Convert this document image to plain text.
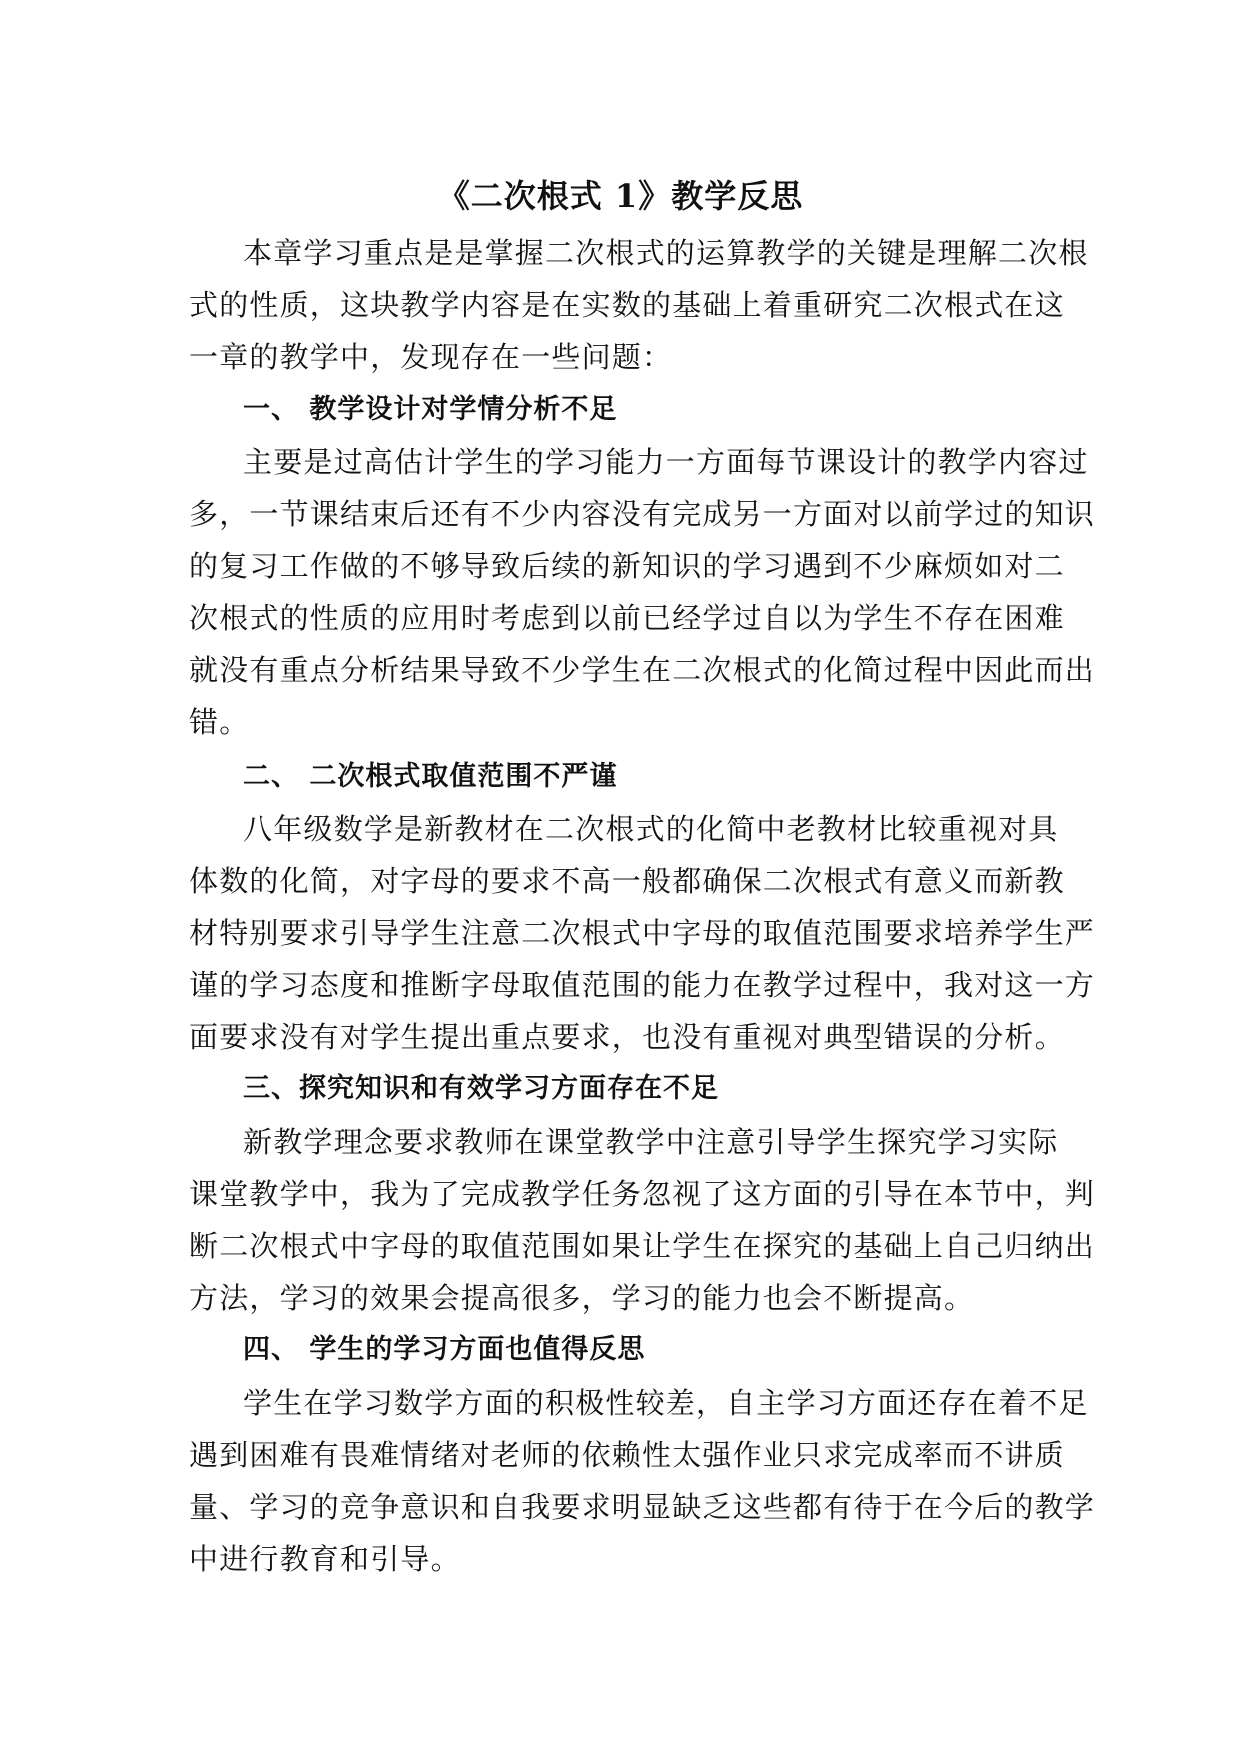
《二次根式 1》教学反思
本章学习重点是是掌握二次根式的运算教学的关键是理解二次根
式的性质，这块教学内容是在实数的基础上着重研究二次根式在这
一章的教学中，发现存在一些问题：
一、 教学设计对学情分析不足
主要是过高估计学生的学习能力一方面每节课设计的教学内容过
多，一节课结束后还有不少内容没有完成另一方面对以前学过的知识
的复习工作做的不够导致后续的新知识的学习遇到不少麻烦如对二
次根式的性质的应用时考虑到以前已经学过自以为学生不存在困难
就没有重点分析结果导致不少学生在二次根式的化简过程中因此而出
错。
二、 二次根式取值范围不严谨
八年级数学是新教材在二次根式的化简中老教材比较重视对具
体数的化简，对字母的要求不高一般都确保二次根式有意义而新教
材特别要求引导学生注意二次根式中字母的取值范围要求培养学生严
谨的学习态度和推断字母取值范围的能力在教学过程中，我对这一方
面要求没有对学生提出重点要求，也没有重视对典型错误的分析。
三、探究知识和有效学习方面存在不足
新教学理念要求教师在课堂教学中注意引导学生探究学习实际
课堂教学中，我为了完成教学任务忽视了这方面的引导在本节中，判
断二次根式中字母的取值范围如果让学生在探究的基础上自己归纳出
方法，学习的效果会提高很多，学习的能力也会不断提高。
四、 学生的学习方面也值得反思
学生在学习数学方面的积极性较差，自主学习方面还存在着不足
遇到困难有畏难情绪对老师的依赖性太强作业只求完成率而不讲质
量、学习的竞争意识和自我要求明显缺乏这些都有待于在今后的教学
中进行教育和引导。
